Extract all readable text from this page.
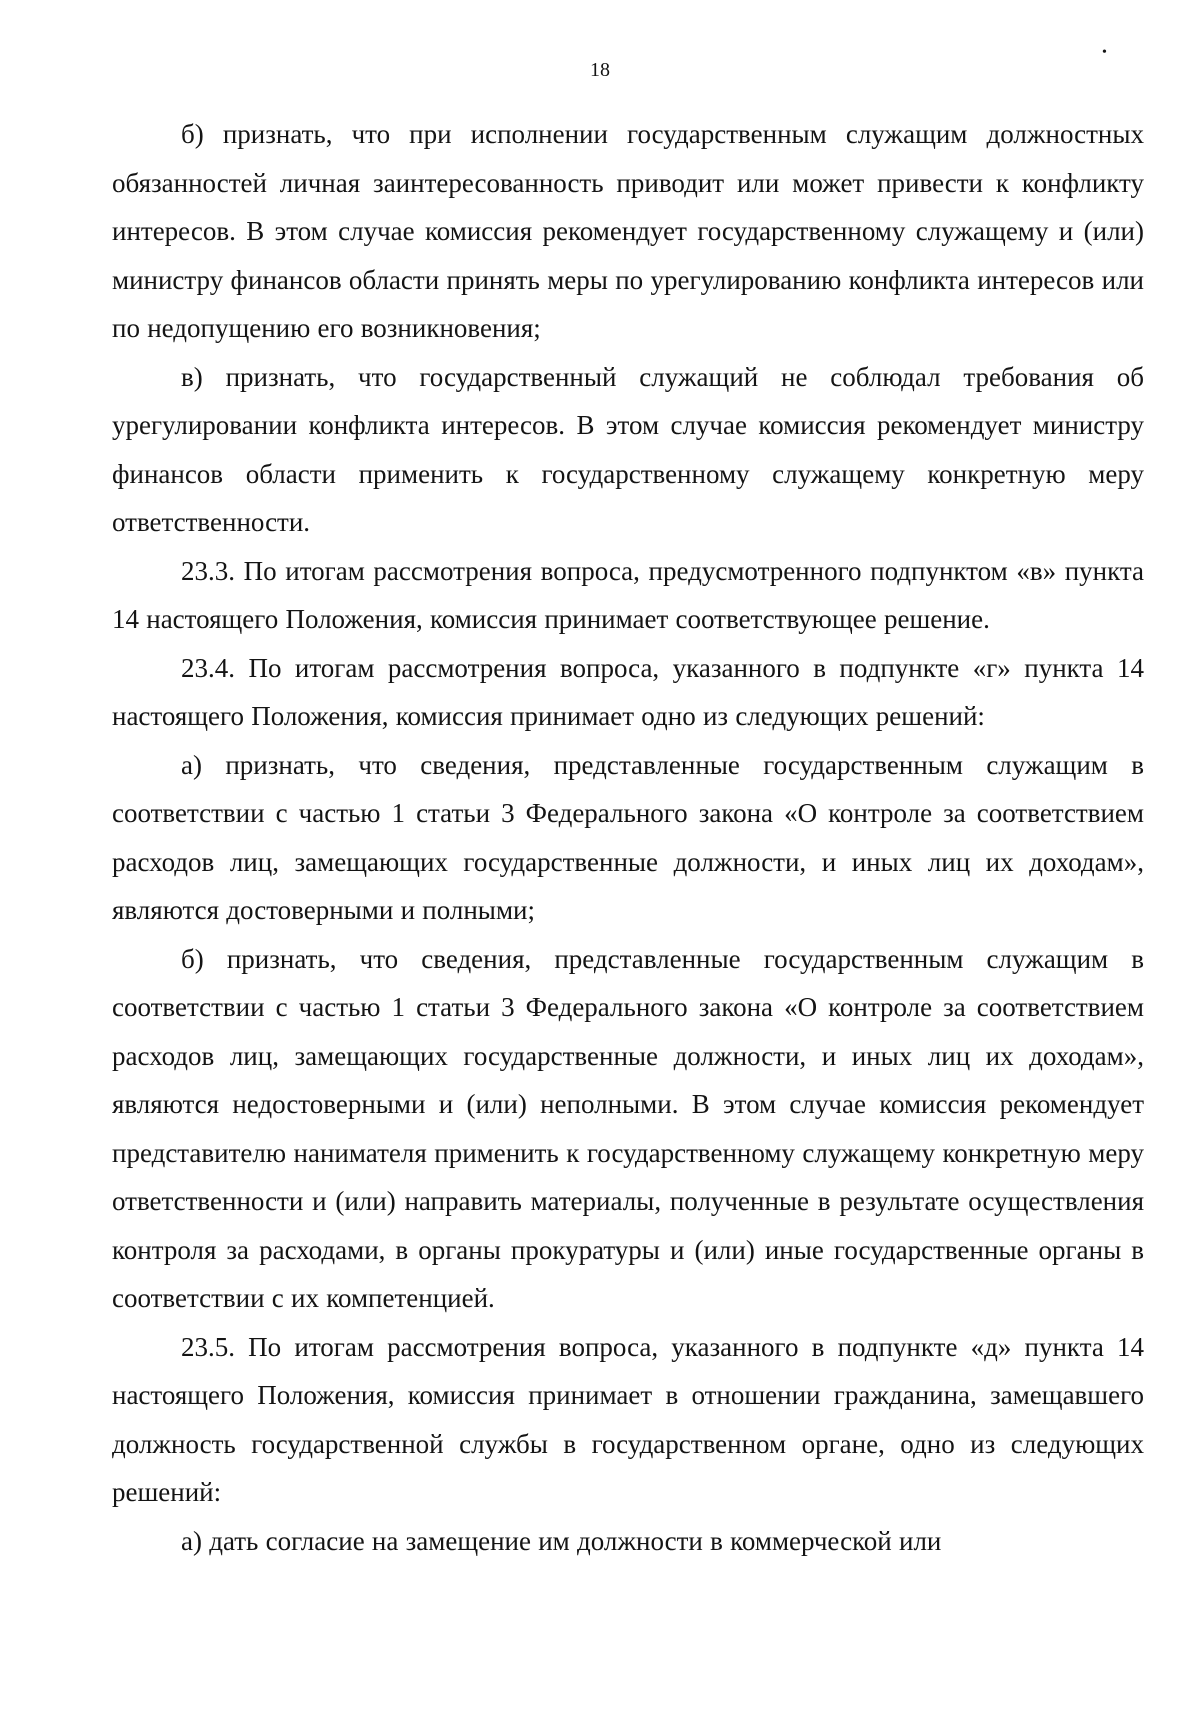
18
•

б) признать, что при исполнении государственным служащим должностных обязанностей личная заинтересованность приводит или может привести к конфликту интересов. В этом случае комиссия рекомендует государственному служащему и (или) министру финансов области принять меры по урегулированию конфликта интересов или по недопущению его возникновения;

в) признать, что государственный служащий не соблюдал требования об урегулировании конфликта интересов. В этом случае комиссия рекомендует министру финансов области применить к государственному служащему конкретную меру ответственности.

23.3. По итогам рассмотрения вопроса, предусмотренного подпунктом «в» пункта 14 настоящего Положения, комиссия принимает соответствующее решение.

23.4. По итогам рассмотрения вопроса, указанного в подпункте «г» пункта 14 настоящего Положения, комиссия принимает одно из следующих решений:

а) признать, что сведения, представленные государственным служащим в соответствии с частью 1 статьи 3 Федерального закона «О контроле за соответствием расходов лиц, замещающих государственные должности, и иных лиц их доходам», являются достоверными и полными;

б) признать, что сведения, представленные государственным служащим в соответствии с частью 1 статьи 3 Федерального закона «О контроле за соответствием расходов лиц, замещающих государственные должности, и иных лиц их доходам», являются недостоверными и (или) неполными. В этом случае комиссия рекомендует представителю нанимателя применить к государственному служащему конкретную меру ответственности и (или) направить материалы, полученные в результате осуществления контроля за расходами, в органы прокуратуры и (или) иные государственные органы в соответствии с их компетенцией.

23.5. По итогам рассмотрения вопроса, указанного в подпункте «д» пункта 14 настоящего Положения, комиссия принимает в отношении гражданина, замещавшего должность государственной службы в государственном органе, одно из следующих решений:

а) дать согласие на замещение им должности в коммерческой или
